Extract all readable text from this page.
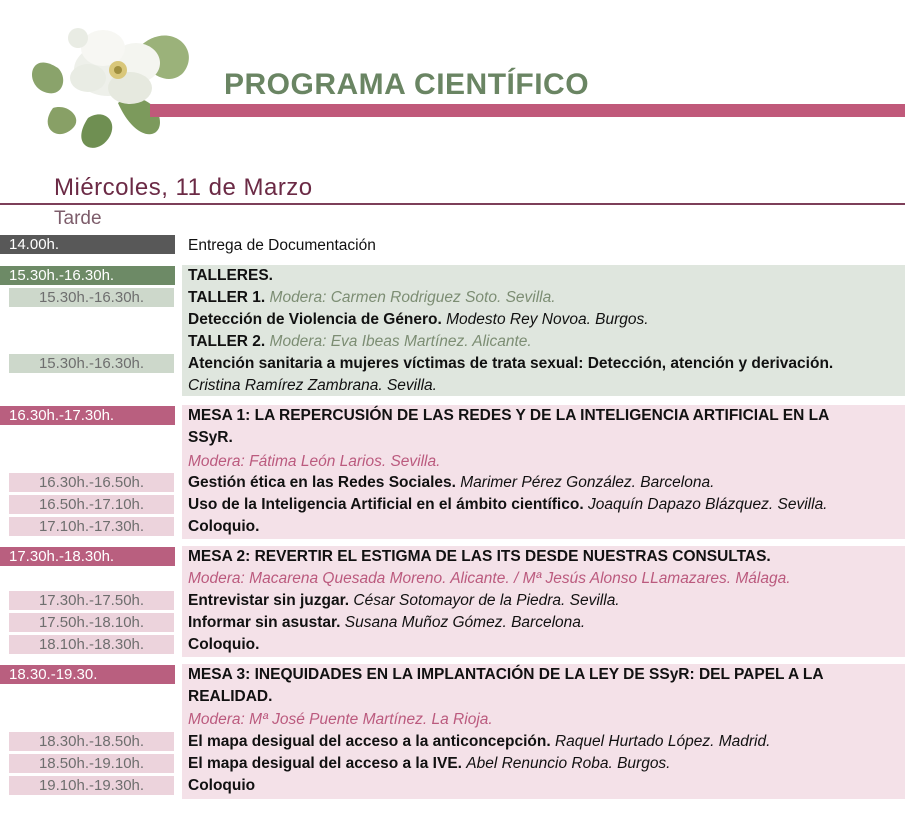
PROGRAMA CIENTÍFICO
Miércoles, 11 de Marzo
Tarde
14.00h.	Entrega de Documentación
15.30h.-16.30h.	TALLERES.
15.30h.-16.30h.	TALLER 1. Modera: Carmen Rodriguez Soto. Sevilla.
Detección de Violencia de Género. Modesto Rey Novoa. Burgos.
TALLER 2. Modera: Eva Ibeas Martínez. Alicante.
15.30h.-16.30h.	Atención sanitaria a mujeres víctimas de trata sexual: Detección, atención y derivación.
Cristina Ramírez Zambrana. Sevilla.
16.30h.-17.30h.	MESA 1: LA REPERCUSIÓN DE LAS REDES Y DE LA INTELIGENCIA ARTIFICIAL EN LA
SSyR.
Modera: Fátima León Larios. Sevilla.
16.30h.-16.50h.	Gestión ética en las Redes Sociales. Marimer Pérez González. Barcelona.
16.50h.-17.10h.	Uso de la Inteligencia Artificial en el ámbito científico. Joaquín Dapazo Blázquez. Sevilla.
17.10h.-17.30h.	Coloquio.
17.30h.-18.30h.	MESA 2: REVERTIR EL ESTIGMA DE LAS ITS DESDE NUESTRAS CONSULTAS.
Modera: Macarena Quesada Moreno. Alicante. / Mª Jesús Alonso LLamazares. Málaga.
17.30h.-17.50h.	Entrevistar sin juzgar. César Sotomayor de la Piedra. Sevilla.
17.50h.-18.10h.	Informar sin asustar. Susana Muñoz Gómez. Barcelona.
18.10h.-18.30h.	Coloquio.
18.30.-19.30.	MESA 3: INEQUIDADES EN LA IMPLANTACIÓN DE LA LEY DE SSyR: DEL PAPEL A LA
REALIDAD.
Modera: Mª José Puente Martínez. La Rioja.
18.30h.-18.50h.	El mapa desigual del acceso a la anticoncepción. Raquel Hurtado López. Madrid.
18.50h.-19.10h.	El mapa desigual del acceso a la IVE. Abel Renuncio Roba. Burgos.
19.10h.-19.30h.	Coloquio
